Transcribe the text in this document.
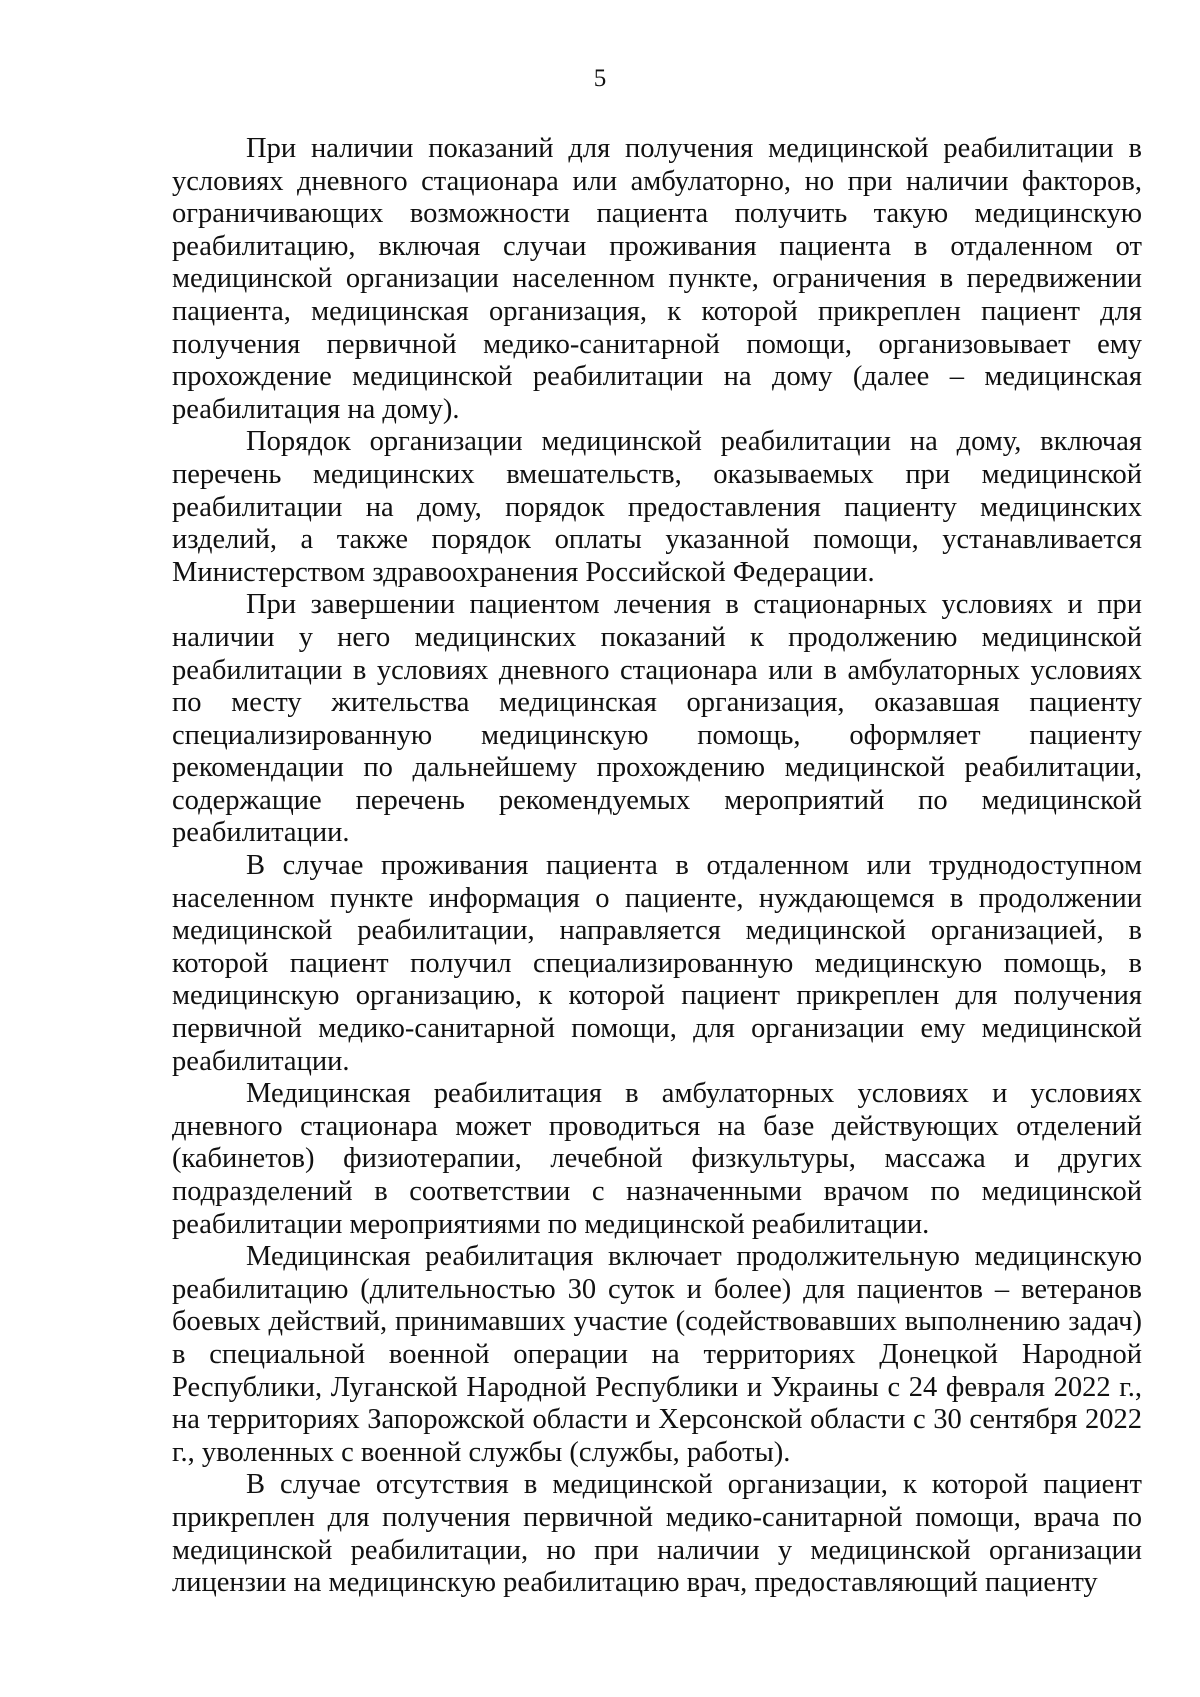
5

При наличии показаний для получения медицинской реабилитации в условиях дневного стационара или амбулаторно, но при наличии факторов, ограничивающих возможности пациента получить такую медицинскую реабилитацию, включая случаи проживания пациента в отдаленном от медицинской организации населенном пункте, ограничения в передвижении пациента, медицинская организация, к которой прикреплен пациент для получения первичной медико-санитарной помощи, организовывает ему прохождение медицинской реабилитации на дому (далее – медицинская реабилитация на дому).

Порядок организации медицинской реабилитации на дому, включая перечень медицинских вмешательств, оказываемых при медицинской реабилитации на дому, порядок предоставления пациенту медицинских изделий, а также порядок оплаты указанной помощи, устанавливается Министерством здравоохранения Российской Федерации.

При завершении пациентом лечения в стационарных условиях и при наличии у него медицинских показаний к продолжению медицинской реабилитации в условиях дневного стационара или в амбулаторных условиях по месту жительства медицинская организация, оказавшая пациенту специализированную медицинскую помощь, оформляет пациенту рекомендации по дальнейшему прохождению медицинской реабилитации, содержащие перечень рекомендуемых мероприятий по медицинской реабилитации.

В случае проживания пациента в отдаленном или труднодоступном населенном пункте информация о пациенте, нуждающемся в продолжении медицинской реабилитации, направляется медицинской организацией, в которой пациент получил специализированную медицинскую помощь, в медицинскую организацию, к которой пациент прикреплен для получения первичной медико-санитарной помощи, для организации ему медицинской реабилитации.

Медицинская реабилитация в амбулаторных условиях и условиях дневного стационара может проводиться на базе действующих отделений (кабинетов) физиотерапии, лечебной физкультуры, массажа и других подразделений в соответствии с назначенными врачом по медицинской реабилитации мероприятиями по медицинской реабилитации.

Медицинская реабилитация включает продолжительную медицинскую реабилитацию (длительностью 30 суток и более) для пациентов – ветеранов боевых действий, принимавших участие (содействовавших выполнению задач) в специальной военной операции на территориях Донецкой Народной Республики, Луганской Народной Республики и Украины с 24 февраля 2022 г., на территориях Запорожской области и Херсонской области с 30 сентября 2022 г., уволенных с военной службы (службы, работы).

В случае отсутствия в медицинской организации, к которой пациент прикреплен для получения первичной медико-санитарной помощи, врача по медицинской реабилитации, но при наличии у медицинской организации лицензии на медицинскую реабилитацию врач, предоставляющий пациенту
